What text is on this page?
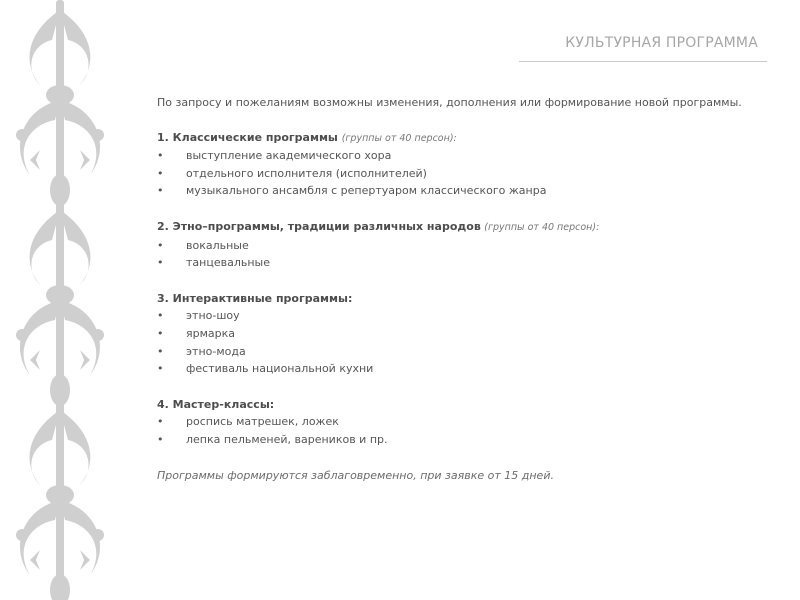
КУЛЬТУРНАЯ ПРОГРАММА

По запросу и пожеланиям возможны изменения, дополнения или формирование новой программы.

1. Классические программы (группы от 40 персон):
• выступление академического хора
• отдельного исполнителя (исполнителей)
• музыкального ансамбля с репертуаром классического жанра
2. Этно–программы, традиции различных народов (группы от 40 персон):
• вокальные
• танцевальные
3. Интерактивные программы:
• этно-шоу
• ярмарка
• этно-мода
• фестиваль национальной кухни
4. Мастер-классы:
• роспись матрешек, ложек
• лепка пельменей, вареников и пр.
Программы формируются заблаговременно, при заявке от 15 дней.
